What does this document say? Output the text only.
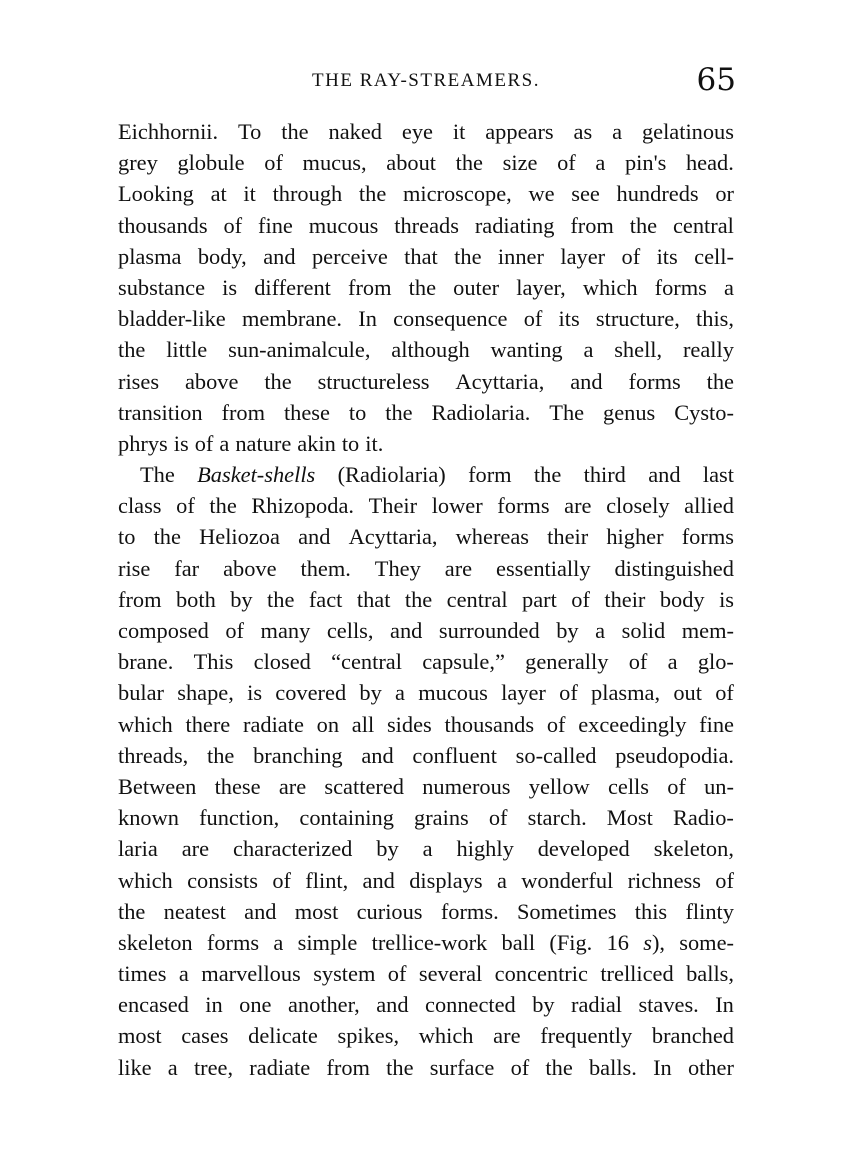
THE RAY-STREAMERS.	65
Eichhornii. To the naked eye it appears as a gelatinous
grey globule of mucus, about the size of a pin's head.
Looking at it through the microscope, we see hundreds or
thousands of fine mucous threads radiating from the central
plasma body, and perceive that the inner layer of its cell-
substance is different from the outer layer, which forms a
bladder-like membrane. In consequence of its structure, this,
the little sun-animalcule, although wanting a shell, really
rises above the structureless Acyttaria, and forms the
transition from these to the Radiolaria. The genus Cysto-
phrys is of a nature akin to it.
The Basket-shells (Radiolaria) form the third and last
class of the Rhizopoda. Their lower forms are closely allied
to the Heliozoa and Acyttaria, whereas their higher forms
rise far above them. They are essentially distinguished
from both by the fact that the central part of their body is
composed of many cells, and surrounded by a solid mem-
brane. This closed “central capsule,” generally of a glo-
bular shape, is covered by a mucous layer of plasma, out of
which there radiate on all sides thousands of exceedingly fine
threads, the branching and confluent so-called pseudopodia.
Between these are scattered numerous yellow cells of un-
known function, containing grains of starch. Most Radio-
laria are characterized by a highly developed skeleton,
which consists of flint, and displays a wonderful richness of
the neatest and most curious forms. Sometimes this flinty
skeleton forms a simple trellice-work ball (Fig. 16 s), some-
times a marvellous system of several concentric trelliced balls,
encased in one another, and connected by radial staves. In
most cases delicate spikes, which are frequently branched
like a tree, radiate from the surface of the balls. In other
